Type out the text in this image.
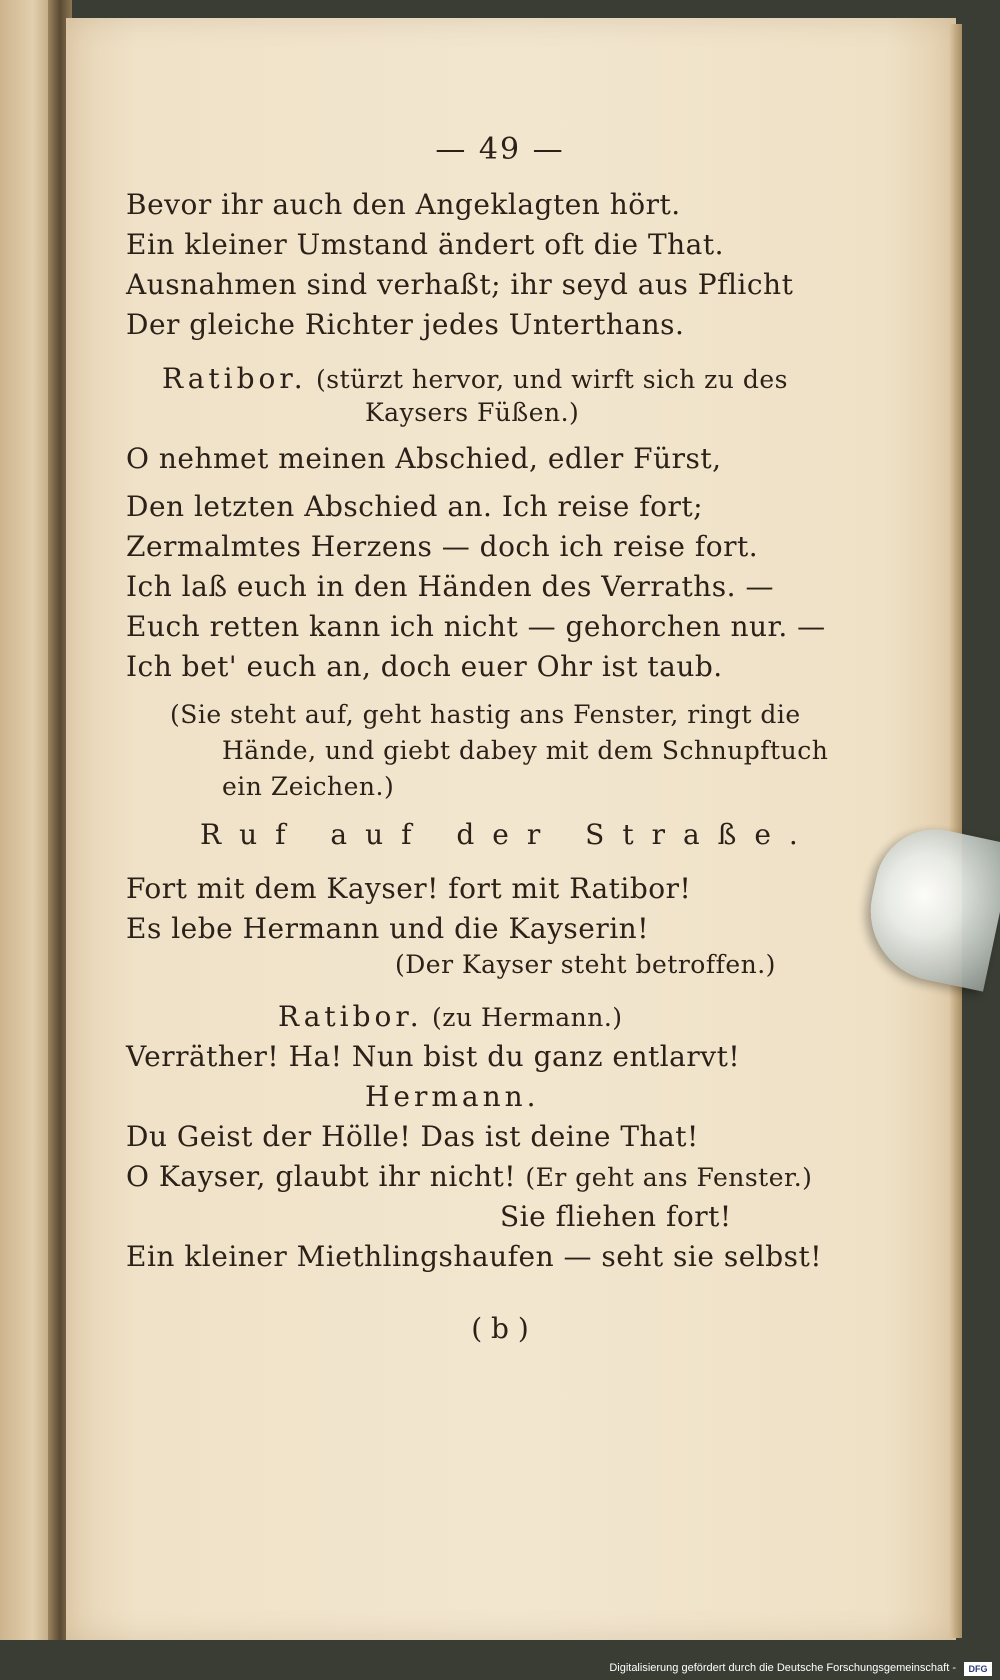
— 49 —
Bevor ihr auch den Angeklagten hört.
Ein kleiner Umstand ändert oft die That.
Ausnahmen sind verhaßt; ihr seyd aus Pflicht
Der gleiche Richter jedes Unterthans.
Ratibor. (stürzt hervor, und wirft sich zu des
Kaysers Füßen.)
O nehmet meinen Abschied, edler Fürst,
Den letzten Abschied an. Ich reise fort;
Zermalmtes Herzens — doch ich reise fort.
Ich laß euch in den Händen des Verraths. —
Euch retten kann ich nicht — gehorchen nur. —
Ich bet' euch an, doch euer Ohr ist taub.
(Sie steht auf, geht hastig ans Fenster, ringt die
Hände, und giebt dabey mit dem Schnupftuch
ein Zeichen.)
Ruf auf der Straße.
Fort mit dem Kayser! fort mit Ratibor!
Es lebe Hermann und die Kayserin!
(Der Kayser steht betroffen.)
Ratibor. (zu Hermann.)
Verräther! Ha! Nun bist du ganz entlarvt!
Hermann.
Du Geist der Hölle! Das ist deine That!
O Kayser, glaubt ihr nicht! (Er geht ans Fenster.)
Sie fliehen fort!
Ein kleiner Miethlingshaufen — seht sie selbst!
( b )
Digitalisierung gefördert durch die Deutsche Forschungsgemeinschaft -	DFG
